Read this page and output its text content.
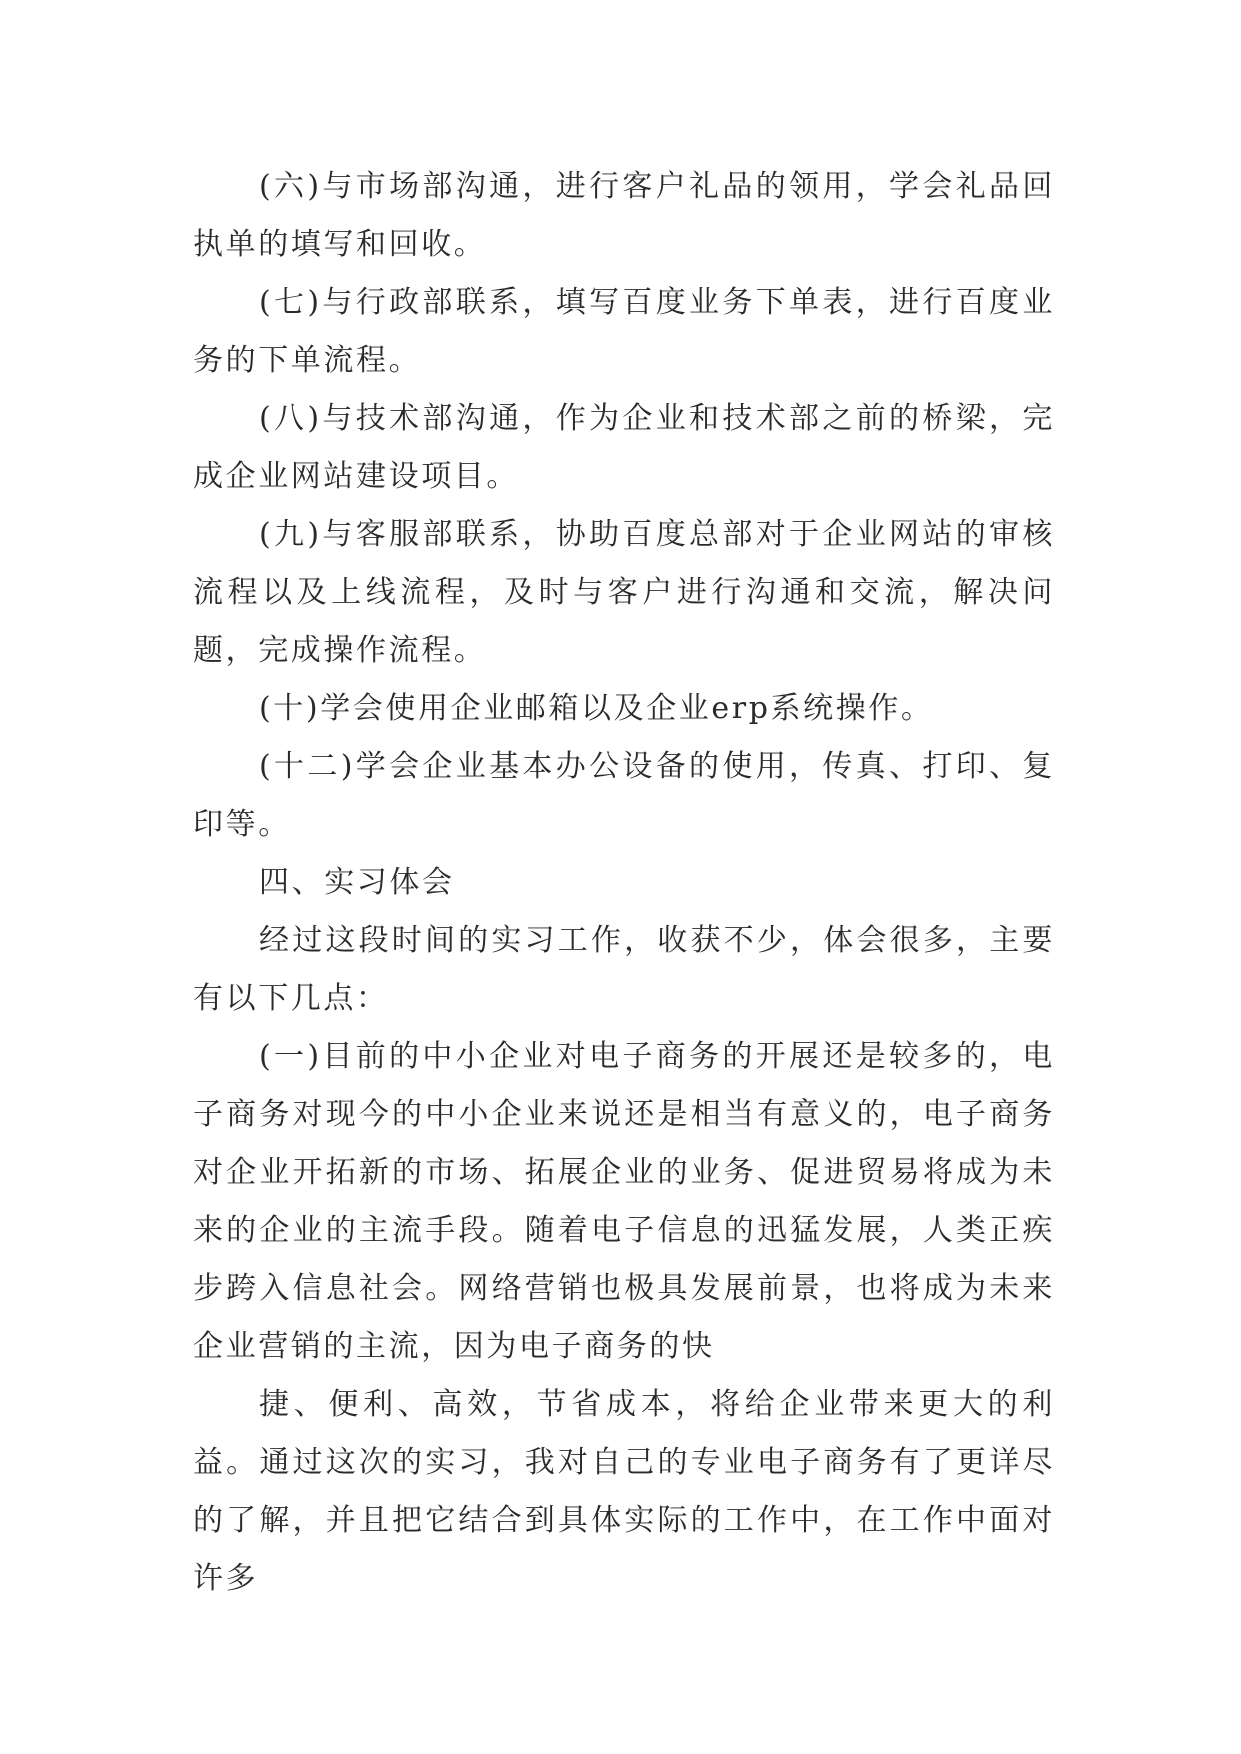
(六)与市场部沟通，进行客户礼品的领用，学会礼品回执单的填写和回收。

(七)与行政部联系，填写百度业务下单表，进行百度业务的下单流程。

(八)与技术部沟通，作为企业和技术部之前的桥梁，完成企业网站建设项目。

(九)与客服部联系，协助百度总部对于企业网站的审核流程以及上线流程，及时与客户进行沟通和交流，解决问题，完成操作流程。

(十)学会使用企业邮箱以及企业erp系统操作。

(十二)学会企业基本办公设备的使用，传真、打印、复印等。

四、实习体会

经过这段时间的实习工作，收获不少，体会很多，主要有以下几点：

(一)目前的中小企业对电子商务的开展还是较多的，电子商务对现今的中小企业来说还是相当有意义的，电子商务对企业开拓新的市场、拓展企业的业务、促进贸易将成为未来的企业的主流手段。随着电子信息的迅猛发展，人类正疾步跨入信息社会。网络营销也极具发展前景，也将成为未来企业营销的主流，因为电子商务的快

捷、便利、高效，节省成本，将给企业带来更大的利益。通过这次的实习，我对自己的专业电子商务有了更详尽的了解，并且把它结合到具体实际的工作中，在工作中面对许多
